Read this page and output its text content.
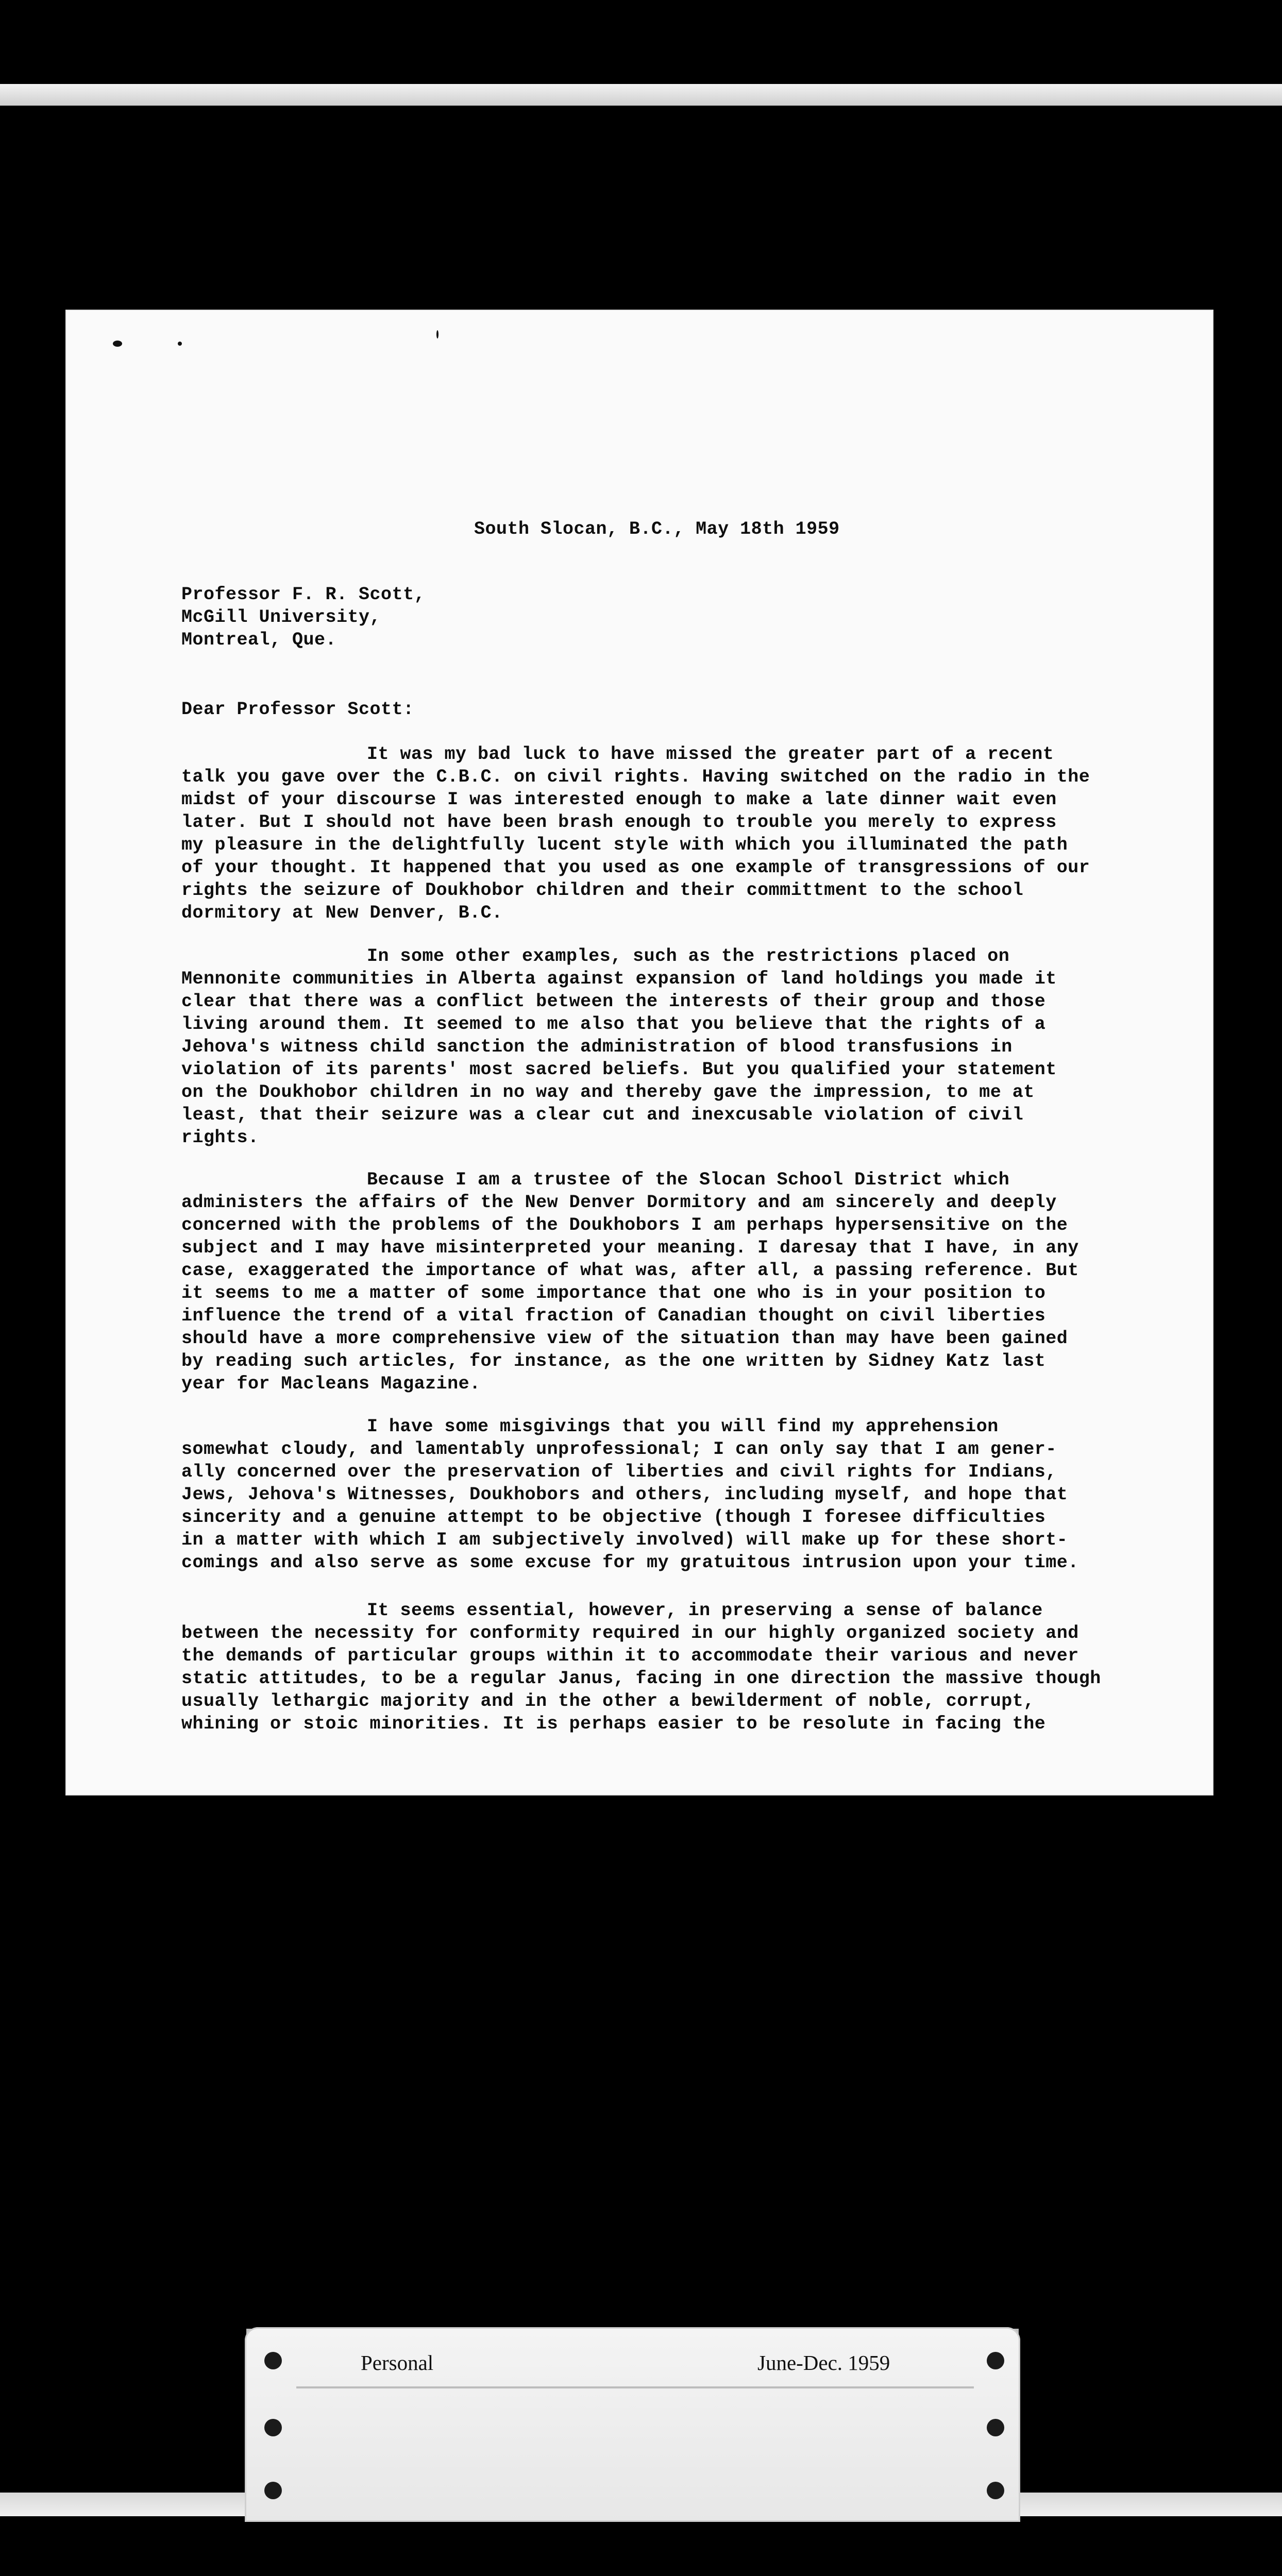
South Slocan, B.C., May 18th 1959
Professor F. R. Scott,
McGill University,
Montreal, Que.
Dear Professor Scott:
It was my bad luck to have missed the greater part of a recent
talk you gave over the C.B.C. on civil rights. Having switched on the radio in the
midst of your discourse I was interested enough to make a late dinner wait even
later. But I should not have been brash enough to trouble you merely to express
my pleasure in the delightfully lucent style with which you illuminated the path
of your thought. It happened that you used as one example of transgressions of our
rights the seizure of Doukhobor children and their committment to the school
dormitory at New Denver, B.C.
In some other examples, such as the restrictions placed on
Mennonite communities in Alberta against expansion of land holdings you made it
clear that there was a conflict between the interests of their group and those
living around them. It seemed to me also that you believe that the rights of a
Jehova's witness child sanction the administration of blood transfusions in
violation of its parents' most sacred beliefs. But you qualified your statement
on the Doukhobor children in no way and thereby gave the impression, to me at
least, that their seizure was a clear cut and inexcusable violation of civil
rights.
Because I am a trustee of the Slocan School District which
administers the affairs of the New Denver Dormitory and am sincerely and deeply
concerned with the problems of the Doukhobors I am perhaps hypersensitive on the
subject and I may have misinterpreted your meaning. I daresay that I have, in any
case, exaggerated the importance of what was, after all, a passing reference. But
it seems to me a matter of some importance that one who is in your position to
influence the trend of a vital fraction of Canadian thought on civil liberties
should have a more comprehensive view of the situation than may have been gained
by reading such articles, for instance, as the one written by Sidney Katz last
year for Macleans Magazine.
I have some misgivings that you will find my apprehension
somewhat cloudy, and lamentably unprofessional; I can only say that I am gener-
ally concerned over the preservation of liberties and civil rights for Indians,
Jews, Jehova's Witnesses, Doukhobors and others, including myself, and hope that
sincerity and a genuine attempt to be objective (though I foresee difficulties
in a matter with which I am subjectively involved) will make up for these short-
comings and also serve as some excuse for my gratuitous intrusion upon your time.
It seems essential, however, in preserving a sense of balance
between the necessity for conformity required in our highly organized society and
the demands of particular groups within it to accommodate their various and never
static attitudes, to be a regular Janus, facing in one direction the massive though
usually lethargic majority and in the other a bewilderment of noble, corrupt,
whining or stoic minorities. It is perhaps easier to be resolute in facing the
Personal	June-Dec. 1959
